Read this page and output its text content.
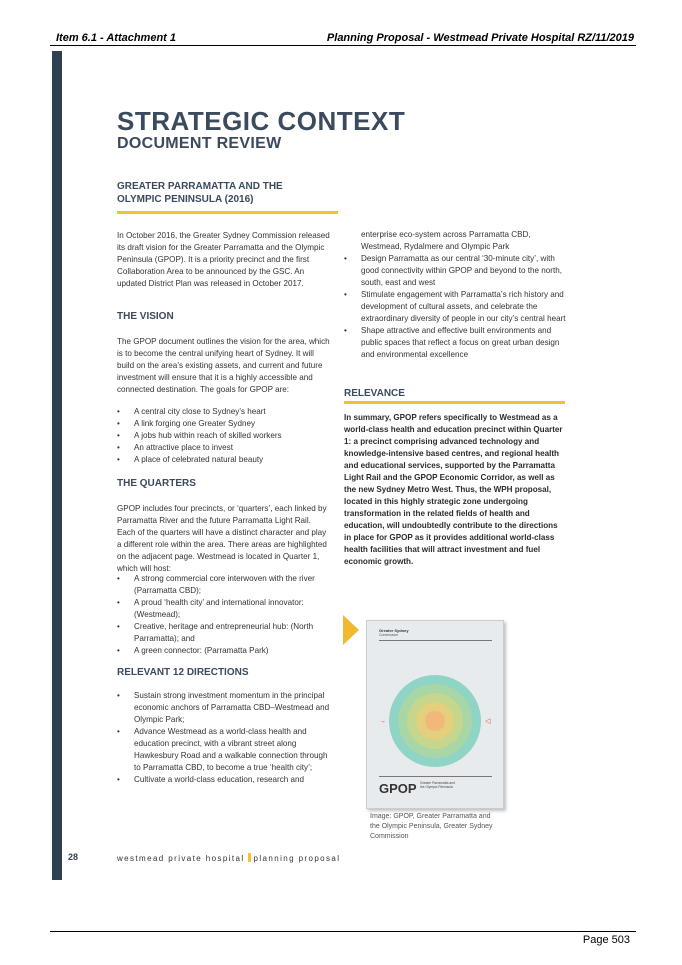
Item 6.1 - Attachment 1	Planning Proposal - Westmead Private Hospital RZ/11/2019
STRATEGIC CONTEXT
DOCUMENT REVIEW
GREATER PARRAMATTA AND THE
OLYMPIC PENINSULA (2016)

In October 2016, the Greater Sydney Commission released its draft vision for the Greater Parramatta and the Olympic Peninsula (GPOP). It is a priority precinct and the first Collaboration Area to be announced by the GSC. An updated District Plan was released in October 2017.

THE VISION

The GPOP document outlines the vision for the area, which is to become the central unifying heart of Sydney. It will build on the area’s existing assets, and current and future investment will ensure that it is a highly accessible and connected destination. The goals for GPOP are:

• A central city close to Sydney’s heart
• A link forging one Greater Sydney
• A jobs hub within reach of skilled workers
• An attractive place to invest
• A place of celebrated natural beauty
THE QUARTERS

GPOP includes four precincts, or ‘quarters’, each linked by Parramatta River and the future Parramatta Light Rail. Each of the quarters will have a distinct character and play a different role within the area. There areas are highlighted on the adjacent page. Westmead is located in Quarter 1, which will host:

• A strong commercial core interwoven with the river (Parramatta CBD);
• A proud ‘health city’ and international innovator: (Westmead);
• Creative, heritage and entrepreneurial hub: (North Parramatta); and
• A green connector: (Parramatta Park)
RELEVANT 12 DIRECTIONS
• Sustain strong investment momentum in the principal economic anchors of Parramatta CBD–Westmead and Olympic Park;
• Advance Westmead as a world-class health and education precinct, with a vibrant street along Hawkesbury Road and a walkable connection through to Parramatta CBD, to become a true ‘health city’;
• Cultivate a world-class education, research and
enterprise eco-system across Parramatta CBD, Westmead, Rydalmere and Olympic Park
• Design Parramatta as our central ‘30-minute city’, with good connectivity within GPOP and beyond to the north, south, east and west
• Stimulate engagement with Parramatta’s rich history and development of cultural assets, and celebrate the extraordinary diversity of people in our city’s central heart
• Shape attractive and effective built environments and public spaces that reflect a focus on great urban design and environmental excellence
RELEVANCE

In summary, GPOP refers specifically to Westmead as a world-class health and education precinct within Quarter 1: a precinct comprising advanced technology and knowledge-intensive based centres, and regional health and educational services, supported by the Parramatta Light Rail and the GPOP Economic Corridor, as well as the new Sydney Metro West. Thus, the WPH proposal, located in this highly strategic zone undergoing transformation in the related fields of health and education, will undoubtedly contribute to the directions in place for GPOP as it provides additional world-class health facilities that will attract investment and fuel economic growth.

Greater Sydney
Commission
→	◁
GPOP Greater Parramatta and the Olympic Peninsula

Image: GPOP, Greater Parramatta and the Olympic Peninsula, Greater Sydney Commission

28	westmead private hospital planning proposal
Page 503
